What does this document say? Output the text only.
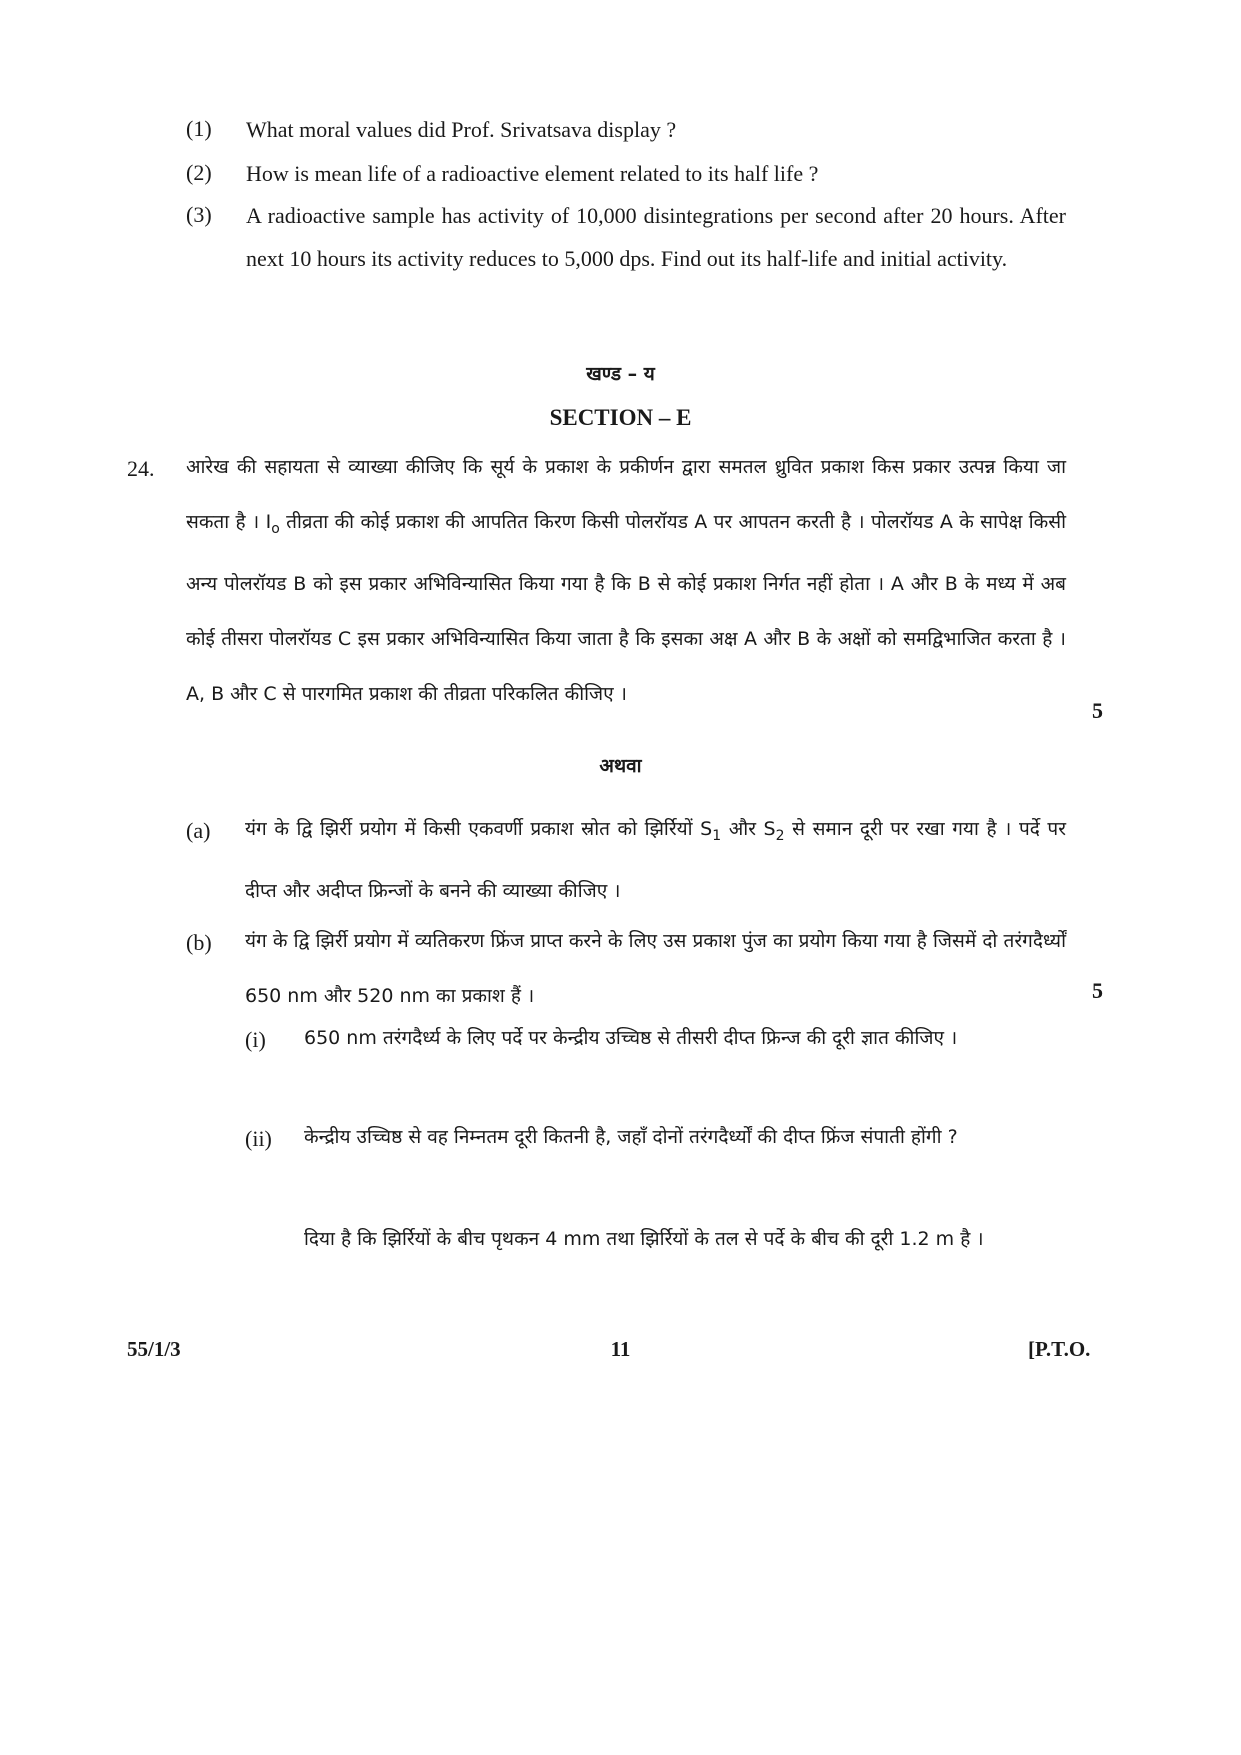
(1)	What moral values did Prof. Srivatsava display ?
(2)	How is mean life of a radioactive element related to its half life ?
(3)	A radioactive sample has activity of 10,000 disintegrations per second after 20 hours. After next 10 hours its activity reduces to 5,000 dps. Find out its half-life and initial activity.
खण्ड – य
SECTION – E
24. आरेख की सहायता से व्याख्या कीजिए कि सूर्य के प्रकाश के प्रकीर्णन द्वारा समतल ध्रुवित प्रकाश किस प्रकार उत्पन्न किया जा सकता है । $I_o$ तीव्रता की कोई प्रकाश की आपतित किरण किसी पोलरॉयड A पर आपतन करती है । पोलरॉयड A के सापेक्ष किसी अन्य पोलरॉयड B को इस प्रकार अभिविन्यासित किया गया है कि B से कोई प्रकाश निर्गत नहीं होता । A और B के मध्य में अब कोई तीसरा पोलरॉयड C इस प्रकार अभिविन्यासित किया जाता है कि इसका अक्ष A और B के अक्षों को समद्विभाजित करता है । A, B और C से पारगमित प्रकाश की तीव्रता परिकलित कीजिए ।
5
अथवा
(a) यंग के द्वि झिर्री प्रयोग में किसी एकवर्णी प्रकाश स्रोत को झिर्रियों $S_1$ और $S_2$ से समान दूरी पर रखा गया है । पर्दे पर दीप्त और अदीप्त फ्रिन्जों के बनने की व्याख्या कीजिए ।
(b) यंग के द्वि झिर्री प्रयोग में व्यतिकरण फ्रिंज प्राप्त करने के लिए उस प्रकाश पुंज का प्रयोग किया गया है जिसमें दो तरंगदैर्ध्यों 650 nm और 520 nm का प्रकाश हैं ।	5
(i) 650 nm तरंगदैर्ध्य के लिए पर्दे पर केन्द्रीय उच्चिष्ठ से तीसरी दीप्त फ्रिन्ज की दूरी ज्ञात कीजिए ।
(ii) केन्द्रीय उच्चिष्ठ से वह निम्नतम दूरी कितनी है, जहाँ दोनों तरंगदैर्ध्यों की दीप्त फ्रिंज संपाती होंगी ?
दिया है कि झिर्रियों के बीच पृथकन 4 mm तथा झिर्रियों के तल से पर्दे के बीच की दूरी 1.2 m है ।
55/1/3	11	[P.T.O.
